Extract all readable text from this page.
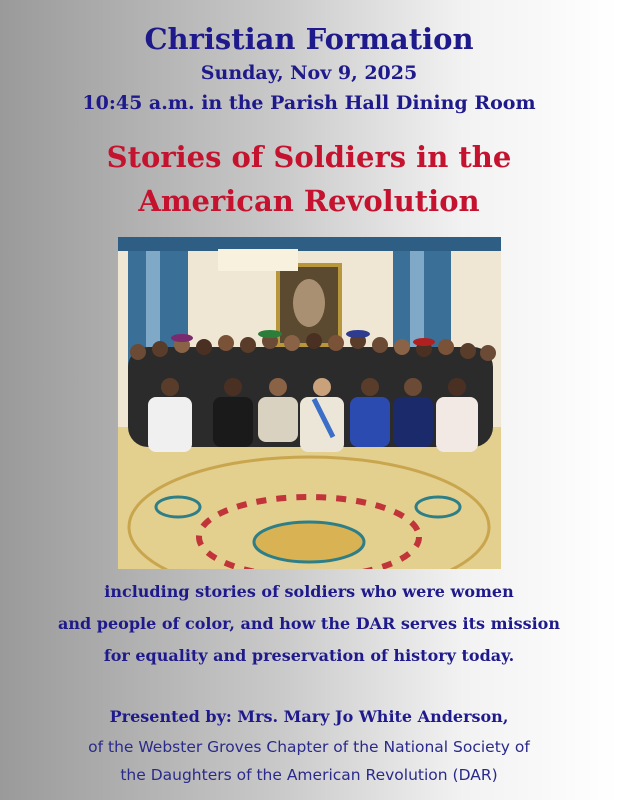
Christian Formation
Sunday, Nov 9, 2025
10:45 a.m. in the Parish Hall Dining Room
Stories of Soldiers in the
American Revolution
including stories of soldiers who were women
and people of color, and how the DAR serves its mission
for equality and preservation of history today.
Presented by: Mrs. Mary Jo White Anderson,
of the Webster Groves Chapter of the National Society of
the Daughters of the American Revolution (DAR)
